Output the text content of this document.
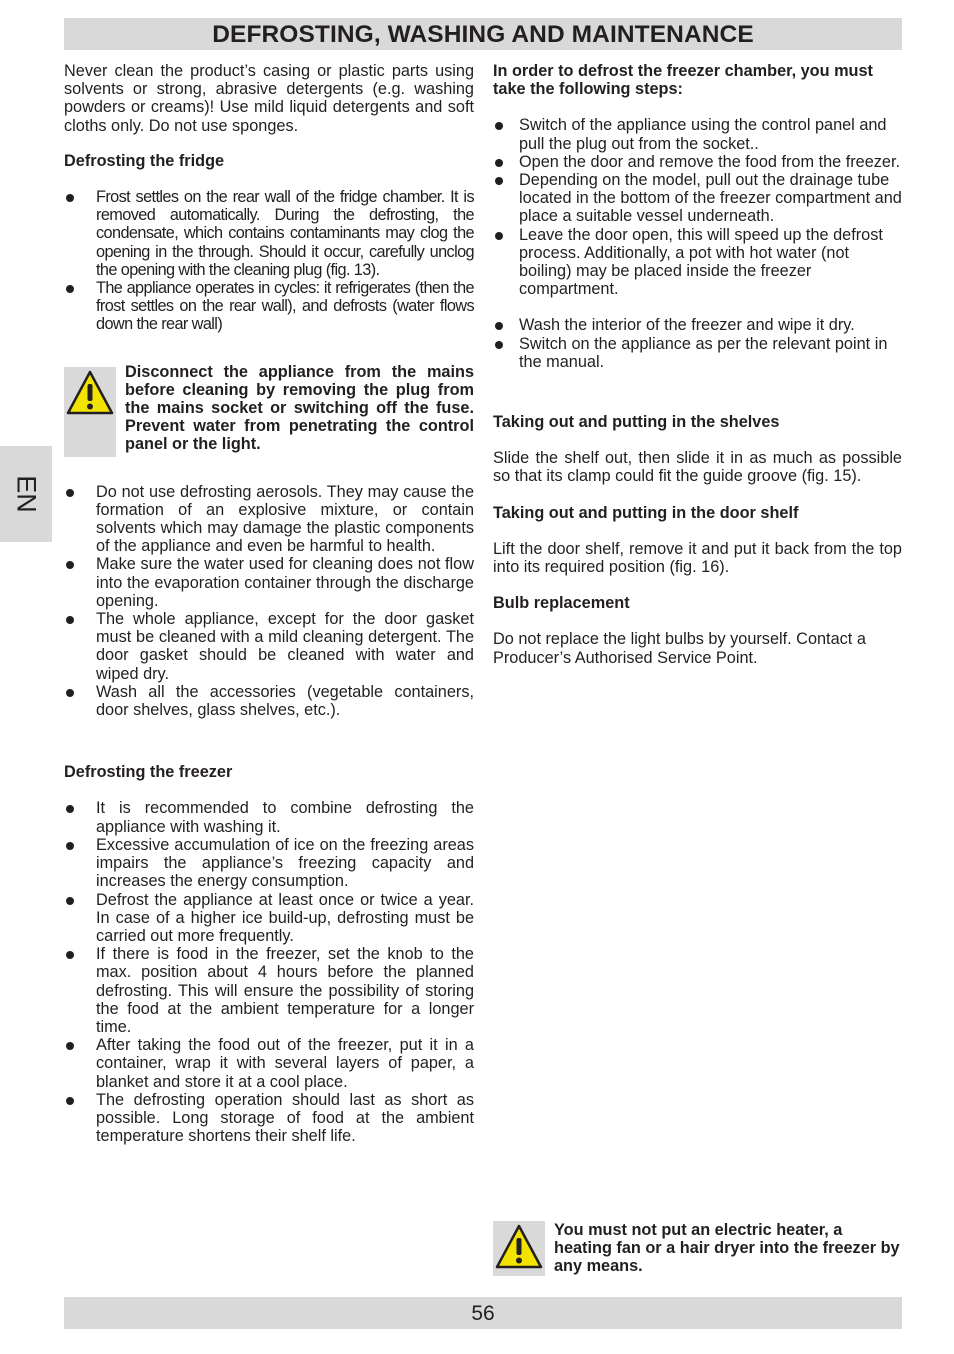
DEFROSTING, WASHING AND MAINTENANCE
EN

Never clean the product’s casing or plastic parts using solvents or strong, abrasive detergents (e.g. washing powders or creams)! Use mild liquid detergents and soft cloths only. Do not use sponges.

Defrosting the fridge
Frost settles on the rear wall of the fridge chamber. It is removed automatically. During the defrosting, the condensate, which contains contaminants may clog the opening in the through. Should it occur, carefully unclog the opening with the cleaning plug (fig. 13).
The appliance operates in cycles: it refrigerates (then the frost settles on the rear wall), and defrosts (water flows down the rear wall)

Disconnect the appliance from the mains before cleaning by removing the plug from the mains socket or switching off the fuse. Prevent water from penetrating the control panel or the light.

Do not use defrosting aerosols. They may cause the formation of an explosive mixture, or contain solvents which may damage the plastic components of the appliance and even be harmful to health.
Make sure the water used for cleaning does not flow into the evaporation container through the discharge opening.
The whole appliance, except for the door gasket must be cleaned with a mild cleaning detergent. The door gasket should be cleaned with water and wiped dry.
Wash all the accessories (vegetable containers, door shelves, glass shelves, etc.).
Defrosting the freezer
It is recommended to combine defrosting the appliance with washing it.
Excessive accumulation of ice on the freezing areas impairs the appliance’s freezing capacity and increases the energy consumption.
Defrost the appliance at least once or twice a year. In case of a higher ice build-up, defrosting must be carried out more frequently.
If there is food in the freezer, set the knob to the max. position about 4 hours before the planned defrosting. This will ensure the possibility of storing the food at the ambient temperature for a longer time.
After taking the food out of the freezer, put it in a container, wrap it with several layers of paper, a blanket and store it at a cool place.
The defrosting operation should last as short as possible. Long storage of food at the ambient temperature shortens their shelf life.
In order to defrost the freezer chamber, you must take the following steps:
Switch of the appliance using the control panel and pull the plug out from the socket..
Open the door and remove the food from the freezer.
Depending on the model, pull out the drainage tube located in the bottom of the freezer compartment and place a suitable vessel underneath.
Leave the door open, this will speed up the defrost process. Additionally, a pot with hot water (not boiling) may be placed inside the freezer compartment.
Wash the interior of the freezer and wipe it dry.
Switch on the appliance as per the relevant point in the manual.
Taking out and putting in the shelves

Slide the shelf out, then slide it in as much as possible so that its clamp could fit the guide groove (fig. 15).

Taking out and putting in the door shelf

Lift the door shelf, remove it and put it back from the top into its required position (fig. 16).

Bulb replacement

Do not replace the light bulbs by yourself. Contact a Producer’s Authorised Service Point.

You must not put an electric heater, a heating fan or a hair dryer into the freezer by any means.

56
